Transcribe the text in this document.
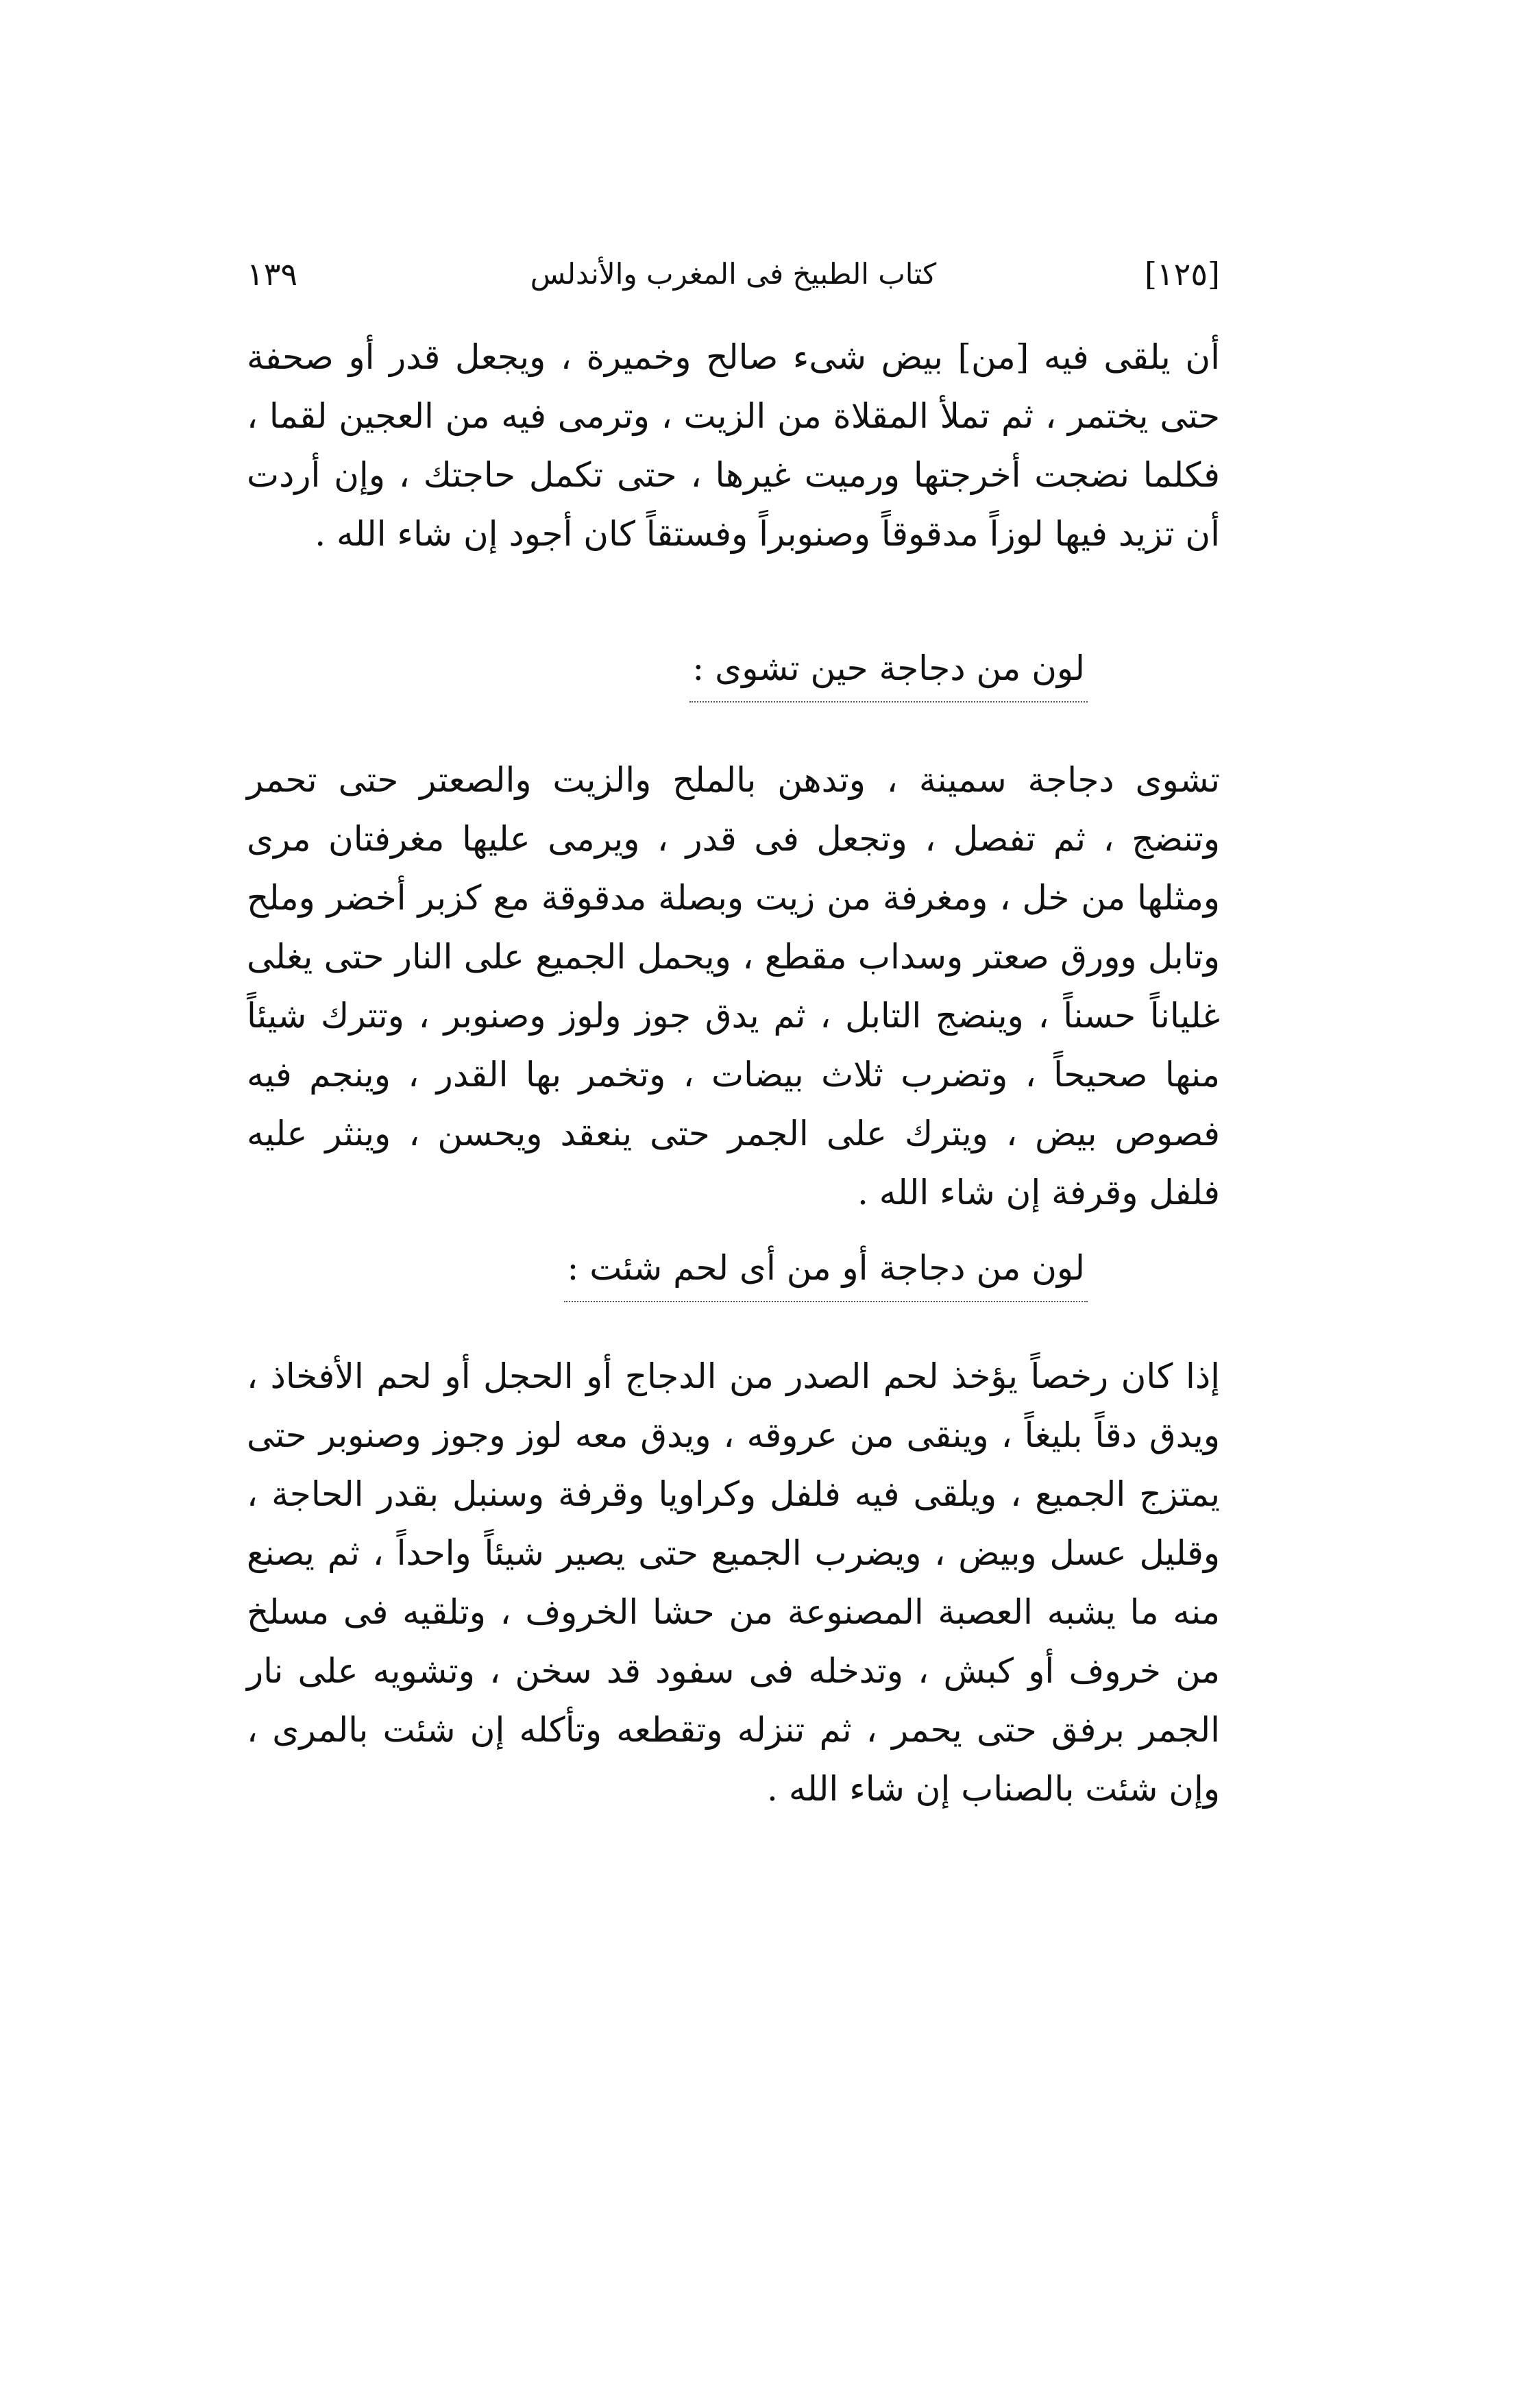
[١٢٥]
كتاب الطبيخ فى المغرب والأندلس
١٣٩

أن يلقى فيه [من] بيض شىء صالح وخميرة ، ويجعل قدر أو صحفة حتى يختمر ، ثم تملأ المقلاة من الزيت ، وترمى فيه من العجين لقما ، فكلما نضجت أخرجتها ورميت غيرها ، حتى تكمل حاجتك ، وإن أردت أن تزيد فيها لوزاً مدقوقاً وصنوبراً وفستقاً كان أجود إن شاء الله .

لون من دجاجة حين تشوى :

تشوى دجاجة سمينة ، وتدهن بالملح والزيت والصعتر حتى تحمر وتنضج ، ثم تفصل ، وتجعل فى قدر ، ويرمى عليها مغرفتان مرى ومثلها من خل ، ومغرفة من زيت وبصلة مدقوقة مع كزبر أخضر وملح وتابل وورق صعتر وسداب مقطع ، ويحمل الجميع على النار حتى يغلى غلياناً حسناً ، وينضج التابل ، ثم يدق جوز ولوز وصنوبر ، وتترك شيئاً منها صحيحاً ، وتضرب ثلاث بيضات ، وتخمر بها القدر ، وينجم فيه فصوص بيض ، ويترك على الجمر حتى ينعقد ويحسن ، وينثر عليه فلفل وقرفة إن شاء الله .

لون من دجاجة أو من أى لحم شئت :

إذا كان رخصاً يؤخذ لحم الصدر من الدجاج أو الحجل أو لحم الأفخاذ ، ويدق دقاً بليغاً ، وينقى من عروقه ، ويدق معه لوز وجوز وصنوبر حتى يمتزج الجميع ، ويلقى فيه فلفل وكراويا وقرفة وسنبل بقدر الحاجة ، وقليل عسل وبيض ، ويضرب الجميع حتى يصير شيئاً واحداً ، ثم يصنع منه ما يشبه العصبة المصنوعة من حشا الخروف ، وتلقيه فى مسلخ من خروف أو كبش ، وتدخله فى سفود قد سخن ، وتشويه على نار الجمر برفق حتى يحمر ، ثم تنزله وتقطعه وتأكله إن شئت بالمرى ، وإن شئت بالصناب إن شاء الله .
